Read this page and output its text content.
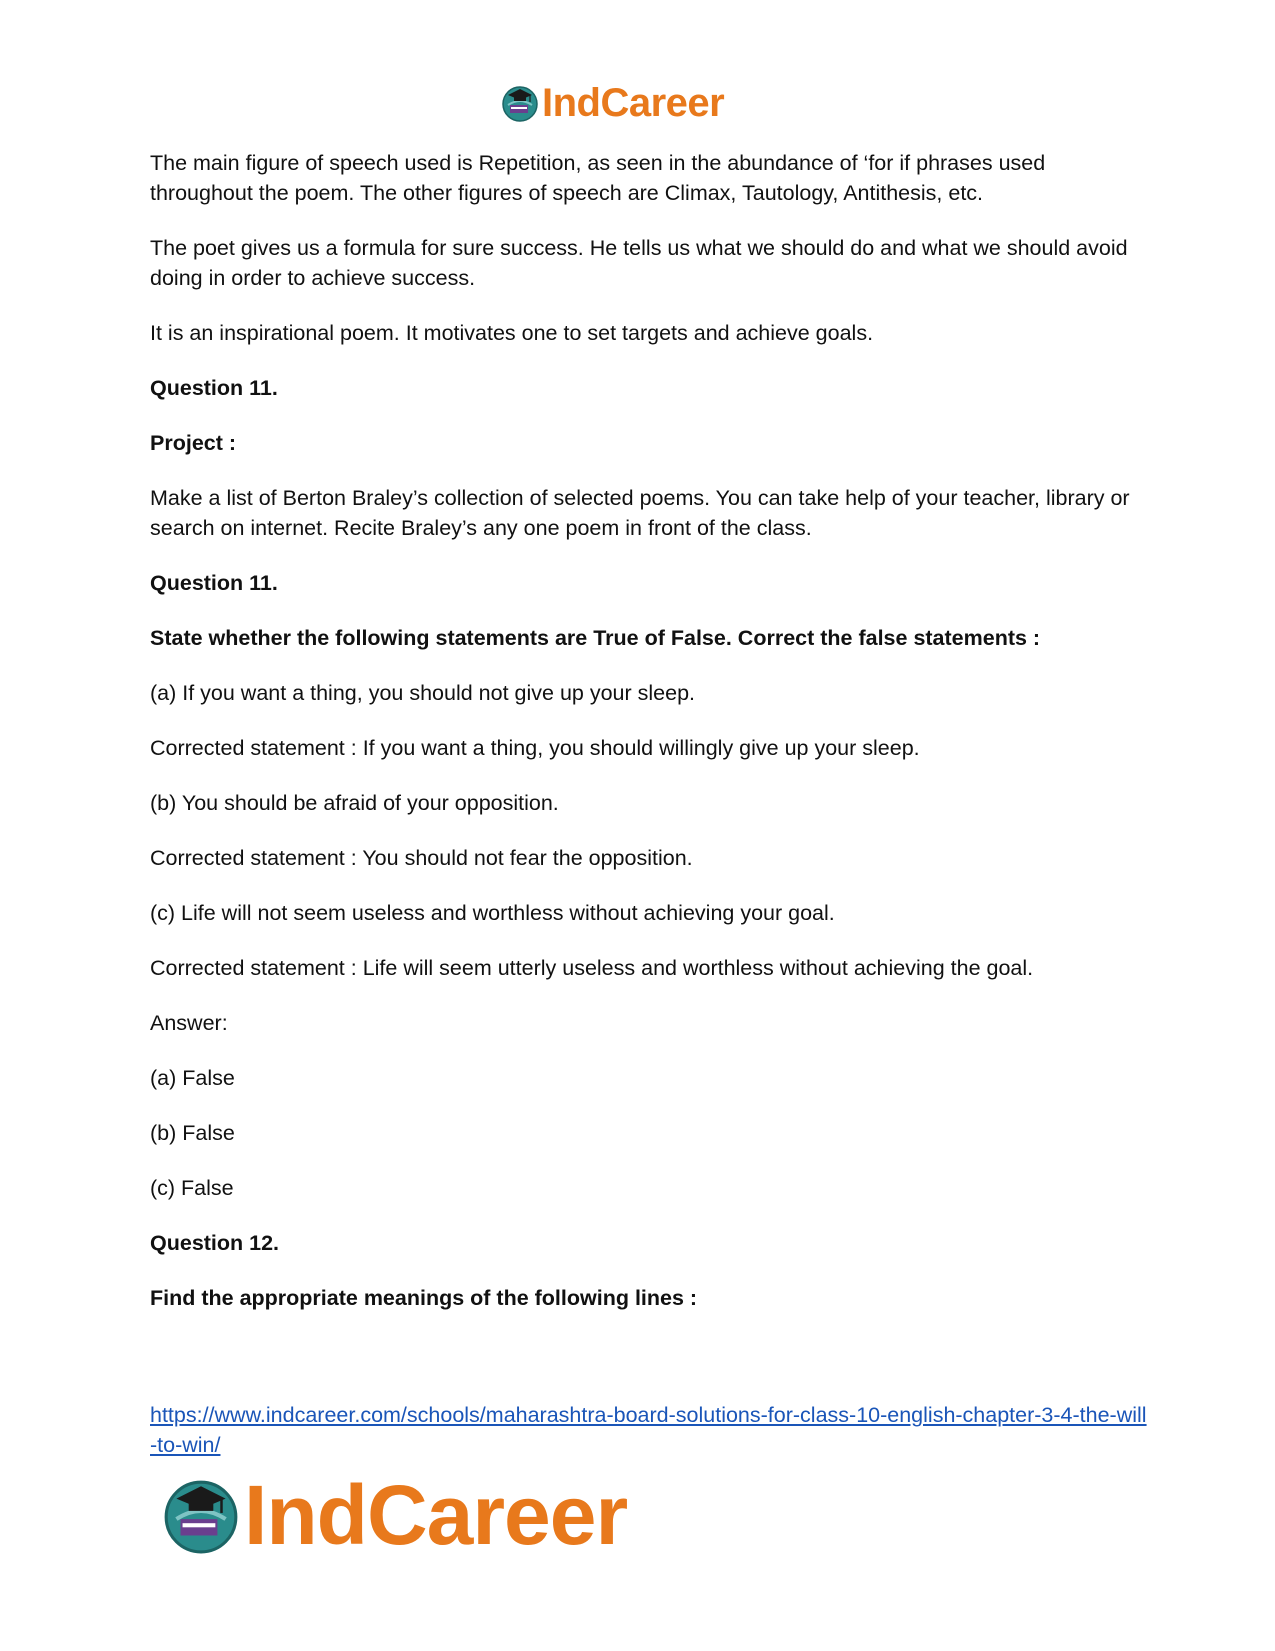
IndCareer

The main figure of speech used is Repetition, as seen in the abundance of ‘for if phrases used throughout the poem. The other figures of speech are Climax, Tautology, Antithesis, etc.

The poet gives us a formula for sure success. He tells us what we should do and what we should avoid doing in order to achieve success.

It is an inspirational poem. It motivates one to set targets and achieve goals.

Question 11.

Project :

Make a list of Berton Braley’s collection of selected poems. You can take help of your teacher, library or search on internet. Recite Braley’s any one poem in front of the class.

Question 11.

State whether the following statements are True of False. Correct the false statements :

(a) If you want a thing, you should not give up your sleep.

Corrected statement : If you want a thing, you should willingly give up your sleep.

(b) You should be afraid of your opposition.

Corrected statement : You should not fear the opposition.

(c) Life will not seem useless and worthless without achieving your goal.

Corrected statement : Life will seem utterly useless and worthless without achieving the goal.

Answer:

(a) False

(b) False

(c) False

Question 12.

Find the appropriate meanings of the following lines :

https://www.indcareer.com/schools/maharashtra-board-solutions-for-class-10-english-chapter-3-4-the-will-to-win/
IndCareer
